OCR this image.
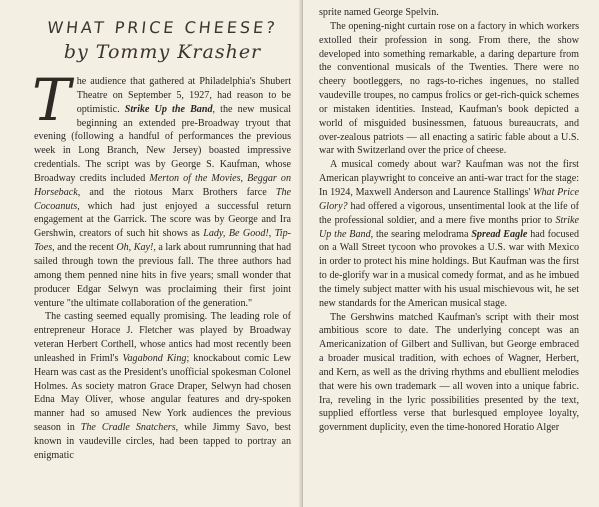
WHAT PRICE CHEESE?
by Tommy Krasher

The audience that gathered at Philadelphia's Shubert Theatre on September 5, 1927, had reason to be optimistic. Strike Up the Band, the new musical beginning an extended pre-Broadway tryout that evening (following a handful of performances the previous week in Long Branch, New Jersey) boasted impressive credentials. The script was by George S. Kaufman, whose Broadway credits included Merton of the Movies, Beggar on Horseback, and the riotous Marx Brothers farce The Cocoanuts, which had just enjoyed a successful return engagement at the Garrick. The score was by George and Ira Gershwin, creators of such hit shows as Lady, Be Good!, Tip-Toes, and the recent Oh, Kay!, a lark about rumrunning that had sailed through town the previous fall. The three authors had among them penned nine hits in five years; small wonder that producer Edgar Selwyn was proclaiming their first joint venture "the ultimate collaboration of the generation."

The casting seemed equally promising. The leading role of entrepreneur Horace J. Fletcher was played by Broadway veteran Herbert Corthell, whose antics had most recently been unleashed in Friml's Vagabond King; knockabout comic Lew Hearn was cast as the President's unofficial spokesman Colonel Holmes. As society matron Grace Draper, Selwyn had chosen Edna May Oliver, whose angular features and dry-spoken manner had so amused New York audiences the previous season in The Cradle Snatchers, while Jimmy Savo, best known in vaudeville circles, had been tapped to portray an enigmatic

sprite named George Spelvin.

The opening-night curtain rose on a factory in which workers extolled their profession in song. From there, the show developed into something remarkable, a daring departure from the conventional musicals of the Twenties. There were no cheery bootleggers, no rags-to-riches ingenues, no stalled vaudeville troupes, no campus frolics or get-rich-quick schemes or mistaken identities. Instead, Kaufman's book depicted a world of misguided businessmen, fatuous bureaucrats, and over-zealous patriots — all enacting a satiric fable about a U.S. war with Switzerland over the price of cheese.

A musical comedy about war? Kaufman was not the first American playwright to conceive an anti-war tract for the stage: In 1924, Maxwell Anderson and Laurence Stallings' What Price Glory? had offered a vigorous, unsentimental look at the life of the professional soldier, and a mere five months prior to Strike Up the Band, the searing melodrama Spread Eagle had focused on a Wall Street tycoon who provokes a U.S. war with Mexico in order to protect his mine holdings. But Kaufman was the first to de-glorify war in a musical comedy format, and as he imbued the timely subject matter with his usual mischievous wit, he set new standards for the American musical stage.

The Gershwins matched Kaufman's script with their most ambitious score to date. The underlying concept was an Americanization of Gilbert and Sullivan, but George embraced a broader musical tradition, with echoes of Wagner, Herbert, and Kern, as well as the driving rhythms and ebullient melodies that were his own trademark — all woven into a unique fabric. Ira, reveling in the lyric possibilities presented by the text, supplied effortless verse that burlesqued employee loyalty, government duplicity, even the time-honored Horatio Alger
